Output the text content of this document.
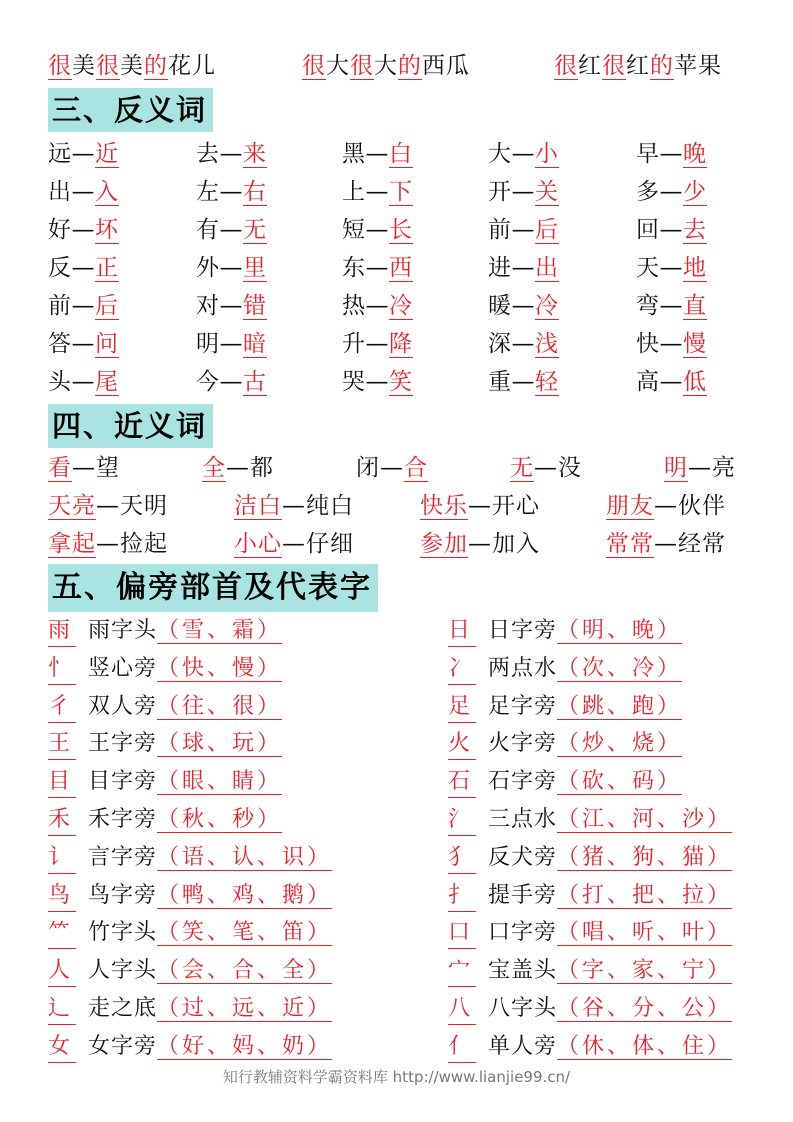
很美很美的花儿	很大很大的西瓜	很红很红的苹果
三、反义词
远—近	去—来	黑—白	大—小	早—晚
出—入	左—右	上—下	开—关	多—少
好—坏	有—无	短—长	前—后	回—去
反—正	外—里	东—西	进—出	天—地
前—后	对—错	热—冷	暖—冷	弯—直
答—问	明—暗	升—降	深—浅	快—慢
头—尾	今—古	哭—笑	重—轻	高—低
四、近义词
看—望	全—都	闭—合	无—没	明—亮
天亮—天明	洁白—纯白	快乐—开心	朋友—伙伴
拿起—捡起	小心—仔细	参加—加入	常常—经常
五、偏旁部首及代表字
雨 雨字头（雪、霜）
忄 竖心旁（快、慢）
彳 双人旁（往、很）
王 王字旁（球、玩）
目 目字旁（眼、睛）
禾 禾字旁（秋、秒）
讠 言字旁（语、认、识）
鸟 鸟字旁（鸭、鸡、鹅）
⺮ 竹字头（笑、笔、笛）
人 人字头（会、合、全）
辶 走之底（过、远、近）
女 女字旁（好、妈、奶）
日 日字旁（明、晚）
冫 两点水（次、冷）
足 足字旁（跳、跑）
火 火字旁（炒、烧）
石 石字旁（砍、码）
氵 三点水（江、河、沙）
犭 反犬旁（猪、狗、猫）
扌 提手旁（打、把、拉）
口 口字旁（唱、听、叶）
宀 宝盖头（字、家、宁）
八 八字头（谷、分、公）
亻 单人旁（休、体、住）
知行教辅资料学霸资料库 http://www.lianjie99.cn/
